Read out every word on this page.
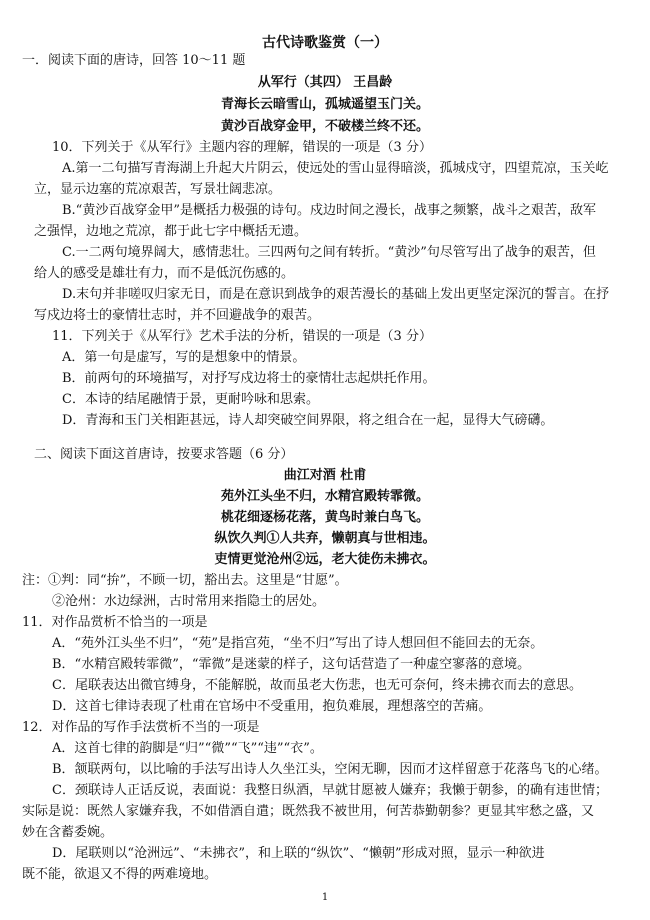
古代诗歌鉴赏（一）
一．阅读下面的唐诗，回答 10～11 题
从军行（其四） 王昌龄
青海长云暗雪山，孤城遥望玉门关。
黄沙百战穿金甲，不破楼兰终不还。
10．下列关于《从军行》主题内容的理解，错误的一项是（3 分）
A.第一二句描写青海湖上升起大片阴云，使远处的雪山显得暗淡，孤城戍守，四望荒凉，玉关屹
立，显示边塞的荒凉艰苦，写景壮阔悲凉。
B.“黄沙百战穿金甲”是概括力极强的诗句。戍边时间之漫长，战事之频繁，战斗之艰苦，敌军
之强悍，边地之荒凉，都于此七字中概括无遗。
C.一二两句境界阔大，感情悲壮。三四两句之间有转折。“黄沙”句尽管写出了战争的艰苦，但
给人的感受是雄壮有力，而不是低沉伤感的。
D.末句并非嗟叹归家无日，而是在意识到战争的艰苦漫长的基础上发出更坚定深沉的誓言。在抒
写戍边将士的豪情壮志时，并不回避战争的艰苦。
11．下列关于《从军行》艺术手法的分析，错误的一项是（3 分）
A．第一句是虚写，写的是想象中的情景。
B．前两句的环境描写，对抒写戍边将士的豪情壮志起烘托作用。
C．本诗的结尾融情于景，更耐吟咏和思索。
D．青海和玉门关相距甚远，诗人却突破空间界限，将之组合在一起，显得大气磅礴。
二、阅读下面这首唐诗，按要求答题（6 分）
曲江对酒 杜甫
苑外江头坐不归，水精宫殿转霏微。
桃花细逐杨花落，黄鸟时兼白鸟飞。
纵饮久判①人共弃，懒朝真与世相违。
吏情更觉沧州②远，老大徒伤未拂衣。
注：①判：同“拚”，不顾一切，豁出去。这里是“甘愿”。
②沧州：水边绿洲，古时常用来指隐士的居处。
11．对作品赏析不恰当的一项是
A．“苑外江头坐不归”，“苑”是指宫苑，“坐不归”写出了诗人想回但不能回去的无奈。
B．“水精宫殿转霏微”，“霏微”是迷蒙的样子，这句话营造了一种虚空寥落的意境。
C．尾联表达出微官缚身，不能解脱，故而虽老大伤悲，也无可奈何，终未拂衣而去的意思。
D．这首七律诗表现了杜甫在官场中不受重用，抱负难展，理想落空的苦痛。
12．对作品的写作手法赏析不当的一项是
A．这首七律的韵脚是“归”“微”“飞”“违”“衣”。
B．颔联两句，以比喻的手法写出诗人久坐江头，空闲无聊，因而才这样留意于花落鸟飞的心绪。
C．颈联诗人正话反说，表面说：我整日纵酒，早就甘愿被人嫌弃；我懒于朝参，的确有违世情；
实际是说：既然人家嫌弃我，不如借酒自遣；既然我不被世用，何苦恭勤朝参？更显其牢愁之盛，又
妙在含蓄委婉。
D．尾联则以“沧洲远”、“未拂衣”，和上联的“纵饮”、“懒朝”形成对照，显示一种欲进
既不能，欲退又不得的两难境地。
1
